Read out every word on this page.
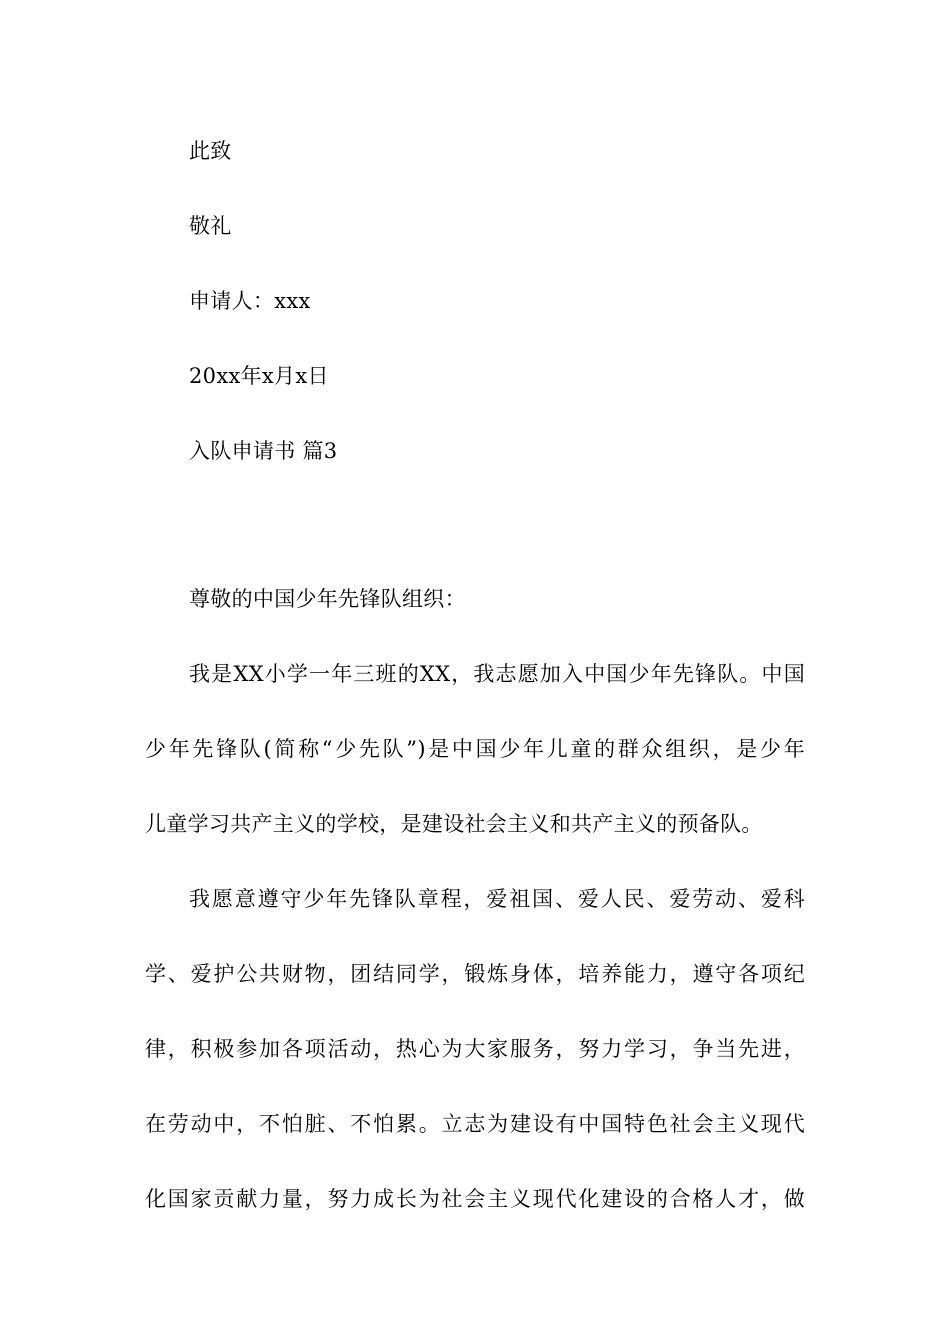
此致
敬礼
申请人：xxx
20xx年x月x日
入队申请书 篇3
尊敬的中国少年先锋队组织：
我是XX小学一年三班的XX，我志愿加入中国少年先锋队。中国
少年先锋队(简称“少先队”)是中国少年儿童的群众组织，是少年
儿童学习共产主义的学校，是建设社会主义和共产主义的预备队。
我愿意遵守少年先锋队章程，爱祖国、爱人民、爱劳动、爱科
学、爱护公共财物，团结同学，锻炼身体，培养能力，遵守各项纪
律，积极参加各项活动，热心为大家服务，努力学习，争当先进，
在劳动中，不怕脏、不怕累。立志为建设有中国特色社会主义现代
化国家贡献力量，努力成长为社会主义现代化建设的合格人才，做
